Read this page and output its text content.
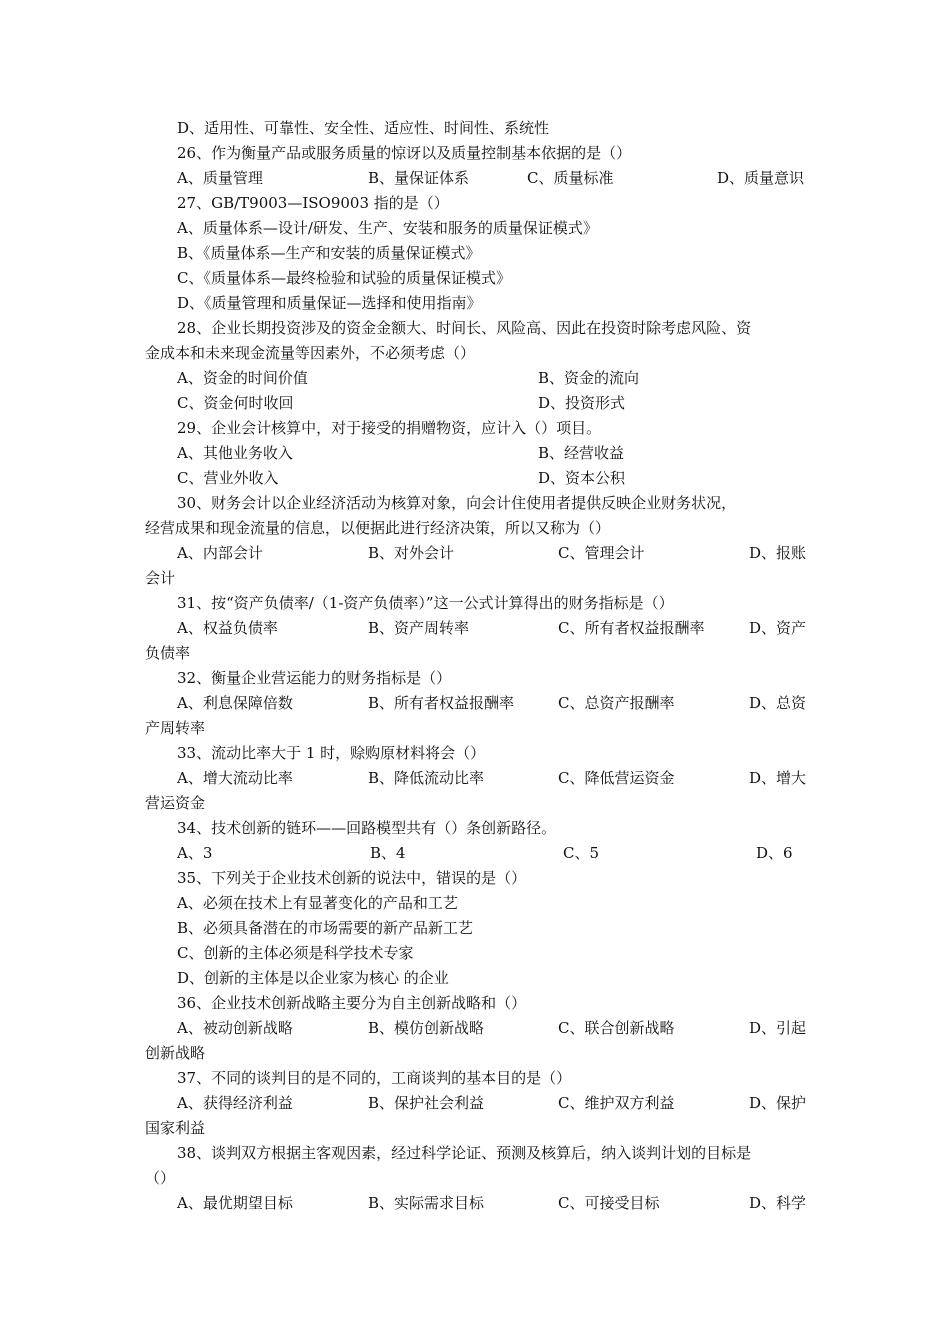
D、适用性、可靠性、安全性、适应性、时间性、系统性
26、作为衡量产品或服务质量的惊讶以及质量控制基本依据的是（）
A、质量管理	B、量保证体系	C、质量标准	D、质量意识
27、GB/T9003—ISO9003 指的是（）
A、质量体系—设计/研发、生产、安装和服务的质量保证模式》
B、《质量体系—生产和安装的质量保证模式》
C、《质量体系—最终检验和试验的质量保证模式》
D、《质量管理和质量保证—选择和使用指南》
28、企业长期投资涉及的资金金额大、时间长、风险高、因此在投资时除考虑风险、资
金成本和未来现金流量等因素外，不必须考虑（）
A、资金的时间价值	B、资金的流向
C、资金何时收回	D、投资形式
29、企业会计核算中，对于接受的捐赠物资，应计入（）项目。
A、其他业务收入	B、经营收益
C、营业外收入	D、资本公积
30、财务会计以企业经济活动为核算对象，向会计住使用者提供反映企业财务状况，
经营成果和现金流量的信息，以便据此进行经济决策，所以又称为（）
A、内部会计	B、对外会计	C、管理会计	D、报账
会计
31、按“资产负债率/（1-资产负债率）”这一公式计算得出的财务指标是（）
A、权益负债率	B、资产周转率	C、所有者权益报酬率	D、资产
负债率
32、衡量企业营运能力的财务指标是（）
A、利息保障倍数	B、所有者权益报酬率	C、总资产报酬率	D、总资
产周转率
33、流动比率大于 1 时，赊购原材料将会（）
A、增大流动比率	B、降低流动比率	C、降低营运资金	D、增大
营运资金
34、技术创新的链环——回路模型共有（）条创新路径。
A、3	B、4	C、5	D、6
35、下列关于企业技术创新的说法中，错误的是（）
A、必须在技术上有显著变化的产品和工艺
B、必须具备潜在的市场需要的新产品新工艺
C、创新的主体必须是科学技术专家
D、创新的主体是以企业家为核心 的企业
36、企业技术创新战略主要分为自主创新战略和（）
A、被动创新战略	B、模仿创新战略	C、联合创新战略	D、引起
创新战略
37、不同的谈判目的是不同的，工商谈判的基本目的是（）
A、获得经济利益	B、保护社会利益	C、维护双方利益	D、保护
国家利益
38、谈判双方根据主客观因素，经过科学论证、预测及核算后，纳入谈判计划的目标是
（）
A、最优期望目标	B、实际需求目标	C、可接受目标	D、科学
